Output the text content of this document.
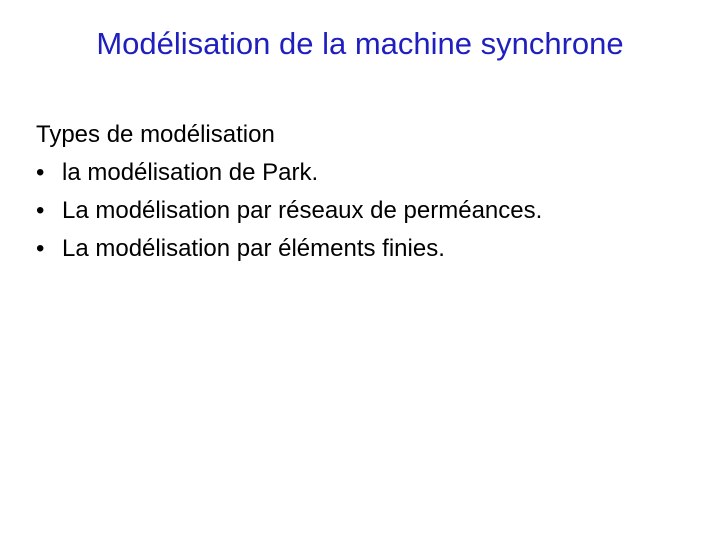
Modélisation de la machine synchrone
Types de modélisation
• la modélisation de Park.
• La modélisation par réseaux de perméances.
• La modélisation par éléments finies.
